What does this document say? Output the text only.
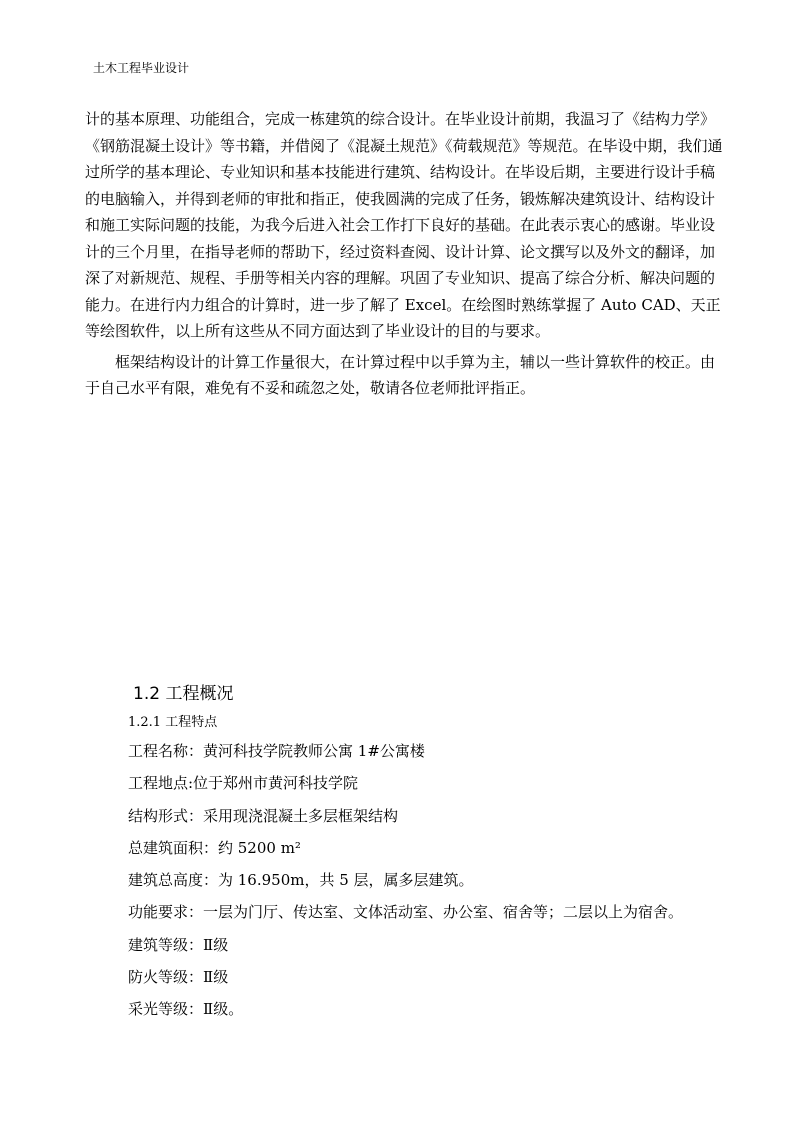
土木工程毕业设计

计的基本原理、功能组合，完成一栋建筑的综合设计。在毕业设计前期，我温习了《结构力学》《钢筋混凝土设计》等书籍，并借阅了《混凝土规范》《荷载规范》等规范。在毕设中期，我们通过所学的基本理论、专业知识和基本技能进行建筑、结构设计。在毕设后期，主要进行设计手稿的电脑输入，并得到老师的审批和指正，使我圆满的完成了任务，锻炼解决建筑设计、结构设计和施工实际问题的技能，为我今后进入社会工作打下良好的基础。在此表示衷心的感谢。毕业设计的三个月里，在指导老师的帮助下，经过资料查阅、设计计算、论文撰写以及外文的翻译，加深了对新规范、规程、手册等相关内容的理解。巩固了专业知识、提高了综合分析、解决问题的能力。在进行内力组合的计算时，进一步了解了 Excel。在绘图时熟练掌握了 Auto CAD、天正等绘图软件，以上所有这些从不同方面达到了毕业设计的目的与要求。

框架结构设计的计算工作量很大，在计算过程中以手算为主，辅以一些计算软件的校正。由于自己水平有限，难免有不妥和疏忽之处，敬请各位老师批评指正。

1.2 工程概况
1.2.1 工程特点
工程名称：黄河科技学院教师公寓 1#公寓楼
工程地点:位于郑州市黄河科技学院
结构形式：采用现浇混凝土多层框架结构
总建筑面积：约 5200 m²
建筑总高度：为 16.950m，共 5 层，属多层建筑。
功能要求：一层为门厅、传达室、文体活动室、办公室、宿舍等；二层以上为宿舍。
建筑等级：Ⅱ级
防火等级：Ⅱ级
采光等级：Ⅱ级。
